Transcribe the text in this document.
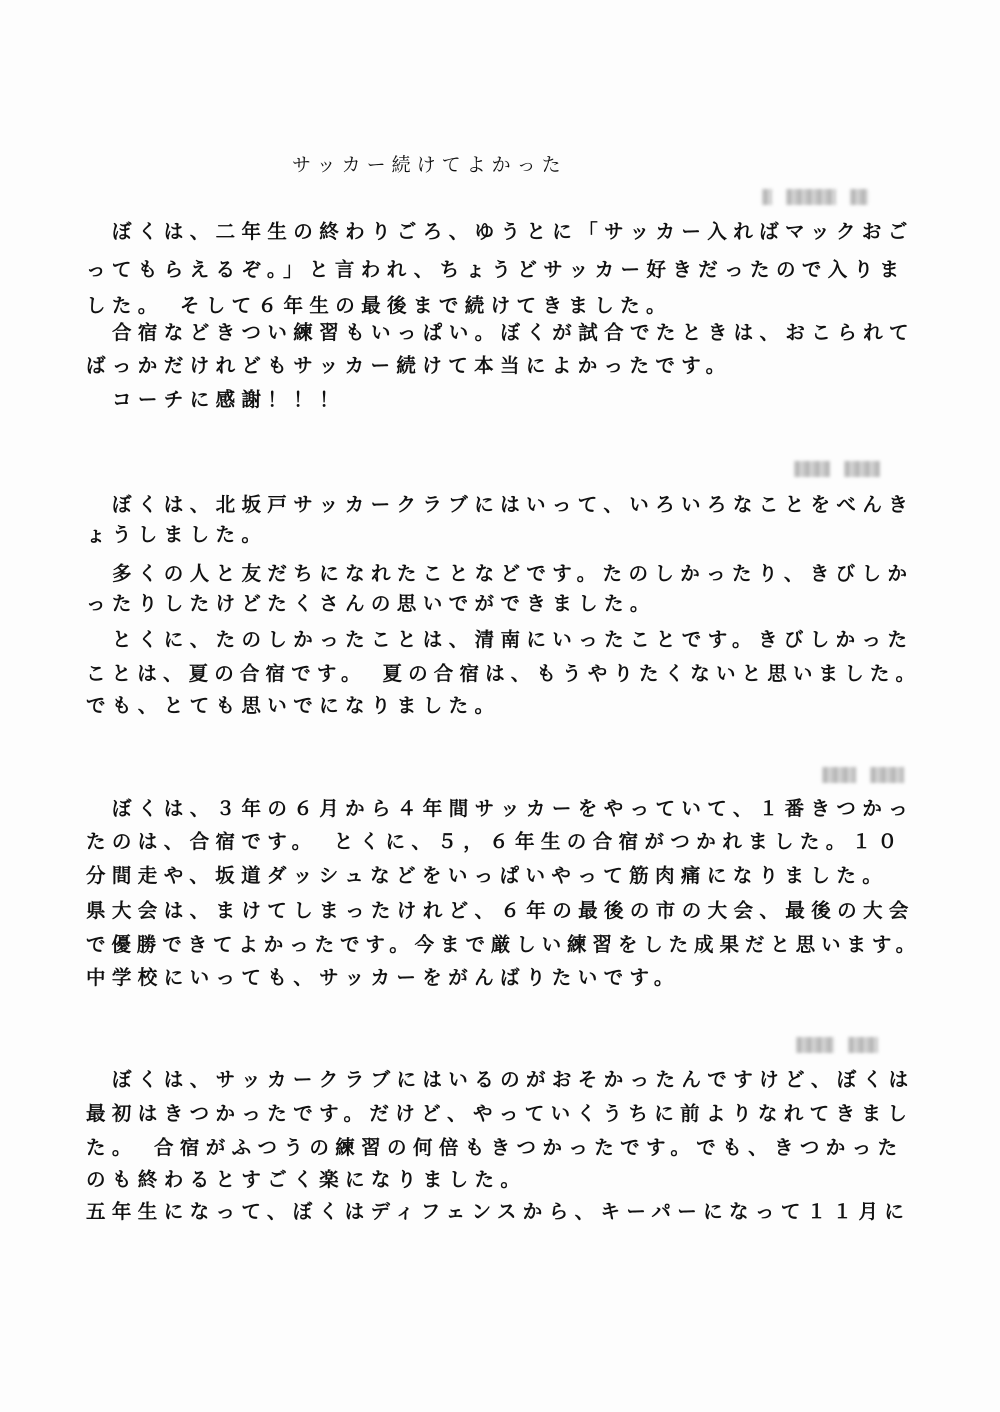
サッカー続けてよかった
ぼくは、二年生の終わりごろ、ゆうとに「サッカー入ればマックおご
ってもらえるぞ。」と言われ、ちょうどサッカー好きだったので入りま
した。　そして６年生の最後まで続けてきました。
合宿などきつい練習もいっぱい。ぼくが試合でたときは、おこられて
ばっかだけれどもサッカー続けて本当によかったです。
コーチに感謝！！！
ぼくは、北坂戸サッカークラブにはいって、いろいろなことをべんき
ょうしました。
多くの人と友だちになれたことなどです。たのしかったり、きびしか
ったりしたけどたくさんの思いでができました。
とくに、たのしかったことは、清南にいったことです。きびしかった
ことは、夏の合宿です。　夏の合宿は、もうやりたくないと思いました。
でも、とても思いでになりました。
ぼくは、３年の６月から４年間サッカーをやっていて、１番きつかっ
たのは、合宿です。　とくに、５，６年生の合宿がつかれました。１０
分間走や、坂道ダッシュなどをいっぱいやって筋肉痛になりました。
県大会は、まけてしまったけれど、６年の最後の市の大会、最後の大会
で優勝できてよかったです。今まで厳しい練習をした成果だと思います。
中学校にいっても、サッカーをがんばりたいです。
ぼくは、サッカークラブにはいるのがおそかったんですけど、ぼくは
最初はきつかったです。だけど、やっていくうちに前よりなれてきまし
た。　合宿がふつうの練習の何倍もきつかったです。でも、きつかった
のも終わるとすごく楽になりました。
五年生になって、ぼくはディフェンスから、キーパーになって１１月に
